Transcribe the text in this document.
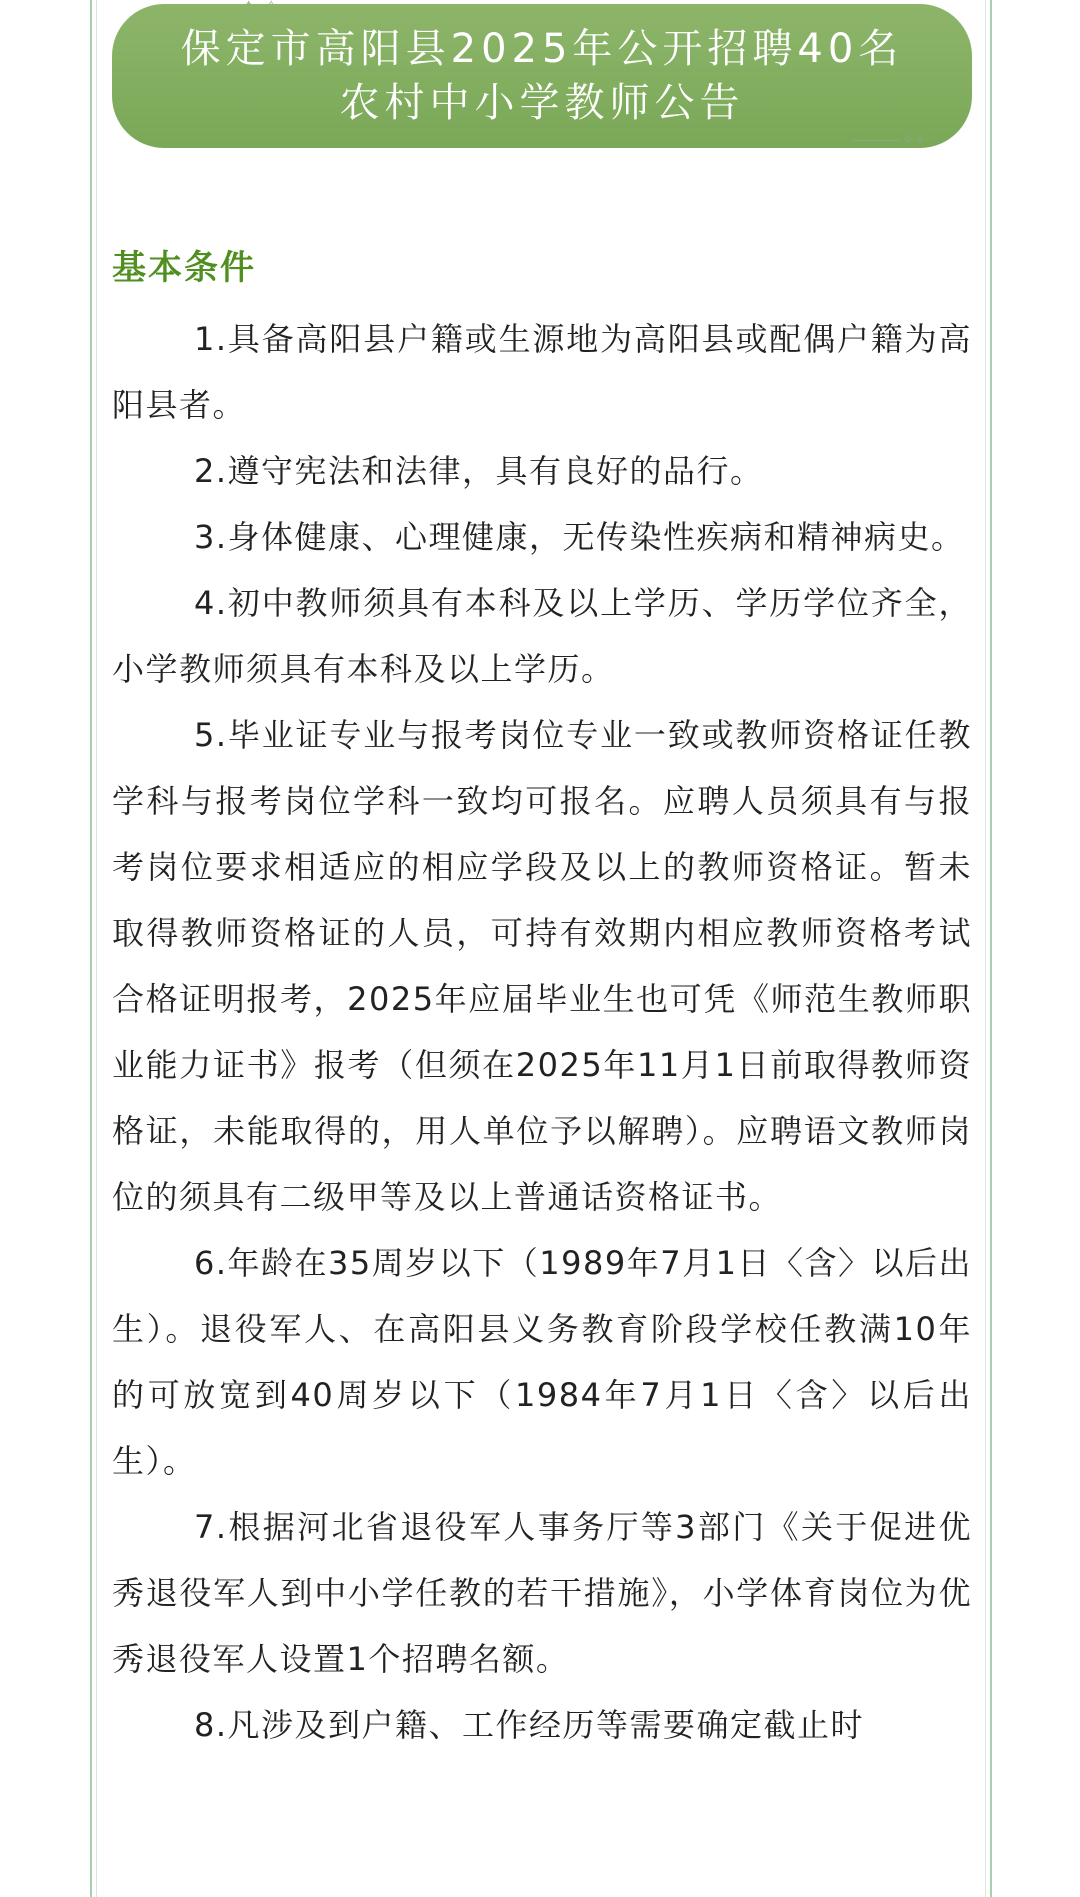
保定市高阳县2025年公开招聘40名
农村中小学教师公告
✧✧
基本条件

1.具备高阳县户籍或生源地为高阳县或配偶户籍为高阳县者。

2.遵守宪法和法律，具有良好的品行。

3.身体健康、心理健康，无传染性疾病和精神病史。

4.初中教师须具有本科及以上学历、学历学位齐全，小学教师须具有本科及以上学历。

5.毕业证专业与报考岗位专业一致或教师资格证任教学科与报考岗位学科一致均可报名。应聘人员须具有与报考岗位要求相适应的相应学段及以上的教师资格证。暂未取得教师资格证的人员，可持有效期内相应教师资格考试合格证明报考，2025年应届毕业生也可凭《师范生教师职业能力证书》报考（但须在2025年11月1日前取得教师资格证，未能取得的，用人单位予以解聘）。应聘语文教师岗位的须具有二级甲等及以上普通话资格证书。

6.年龄在35周岁以下（1989年7月1日〈含〉以后出生）。退役军人、在高阳县义务教育阶段学校任教满10年的可放宽到40周岁以下（1984年7月1日〈含〉以后出生）。

7.根据河北省退役军人事务厅等3部门《关于促进优秀退役军人到中小学任教的若干措施》，小学体育岗位为优秀退役军人设置1个招聘名额。

8.凡涉及到户籍、工作经历等需要确定截止时
